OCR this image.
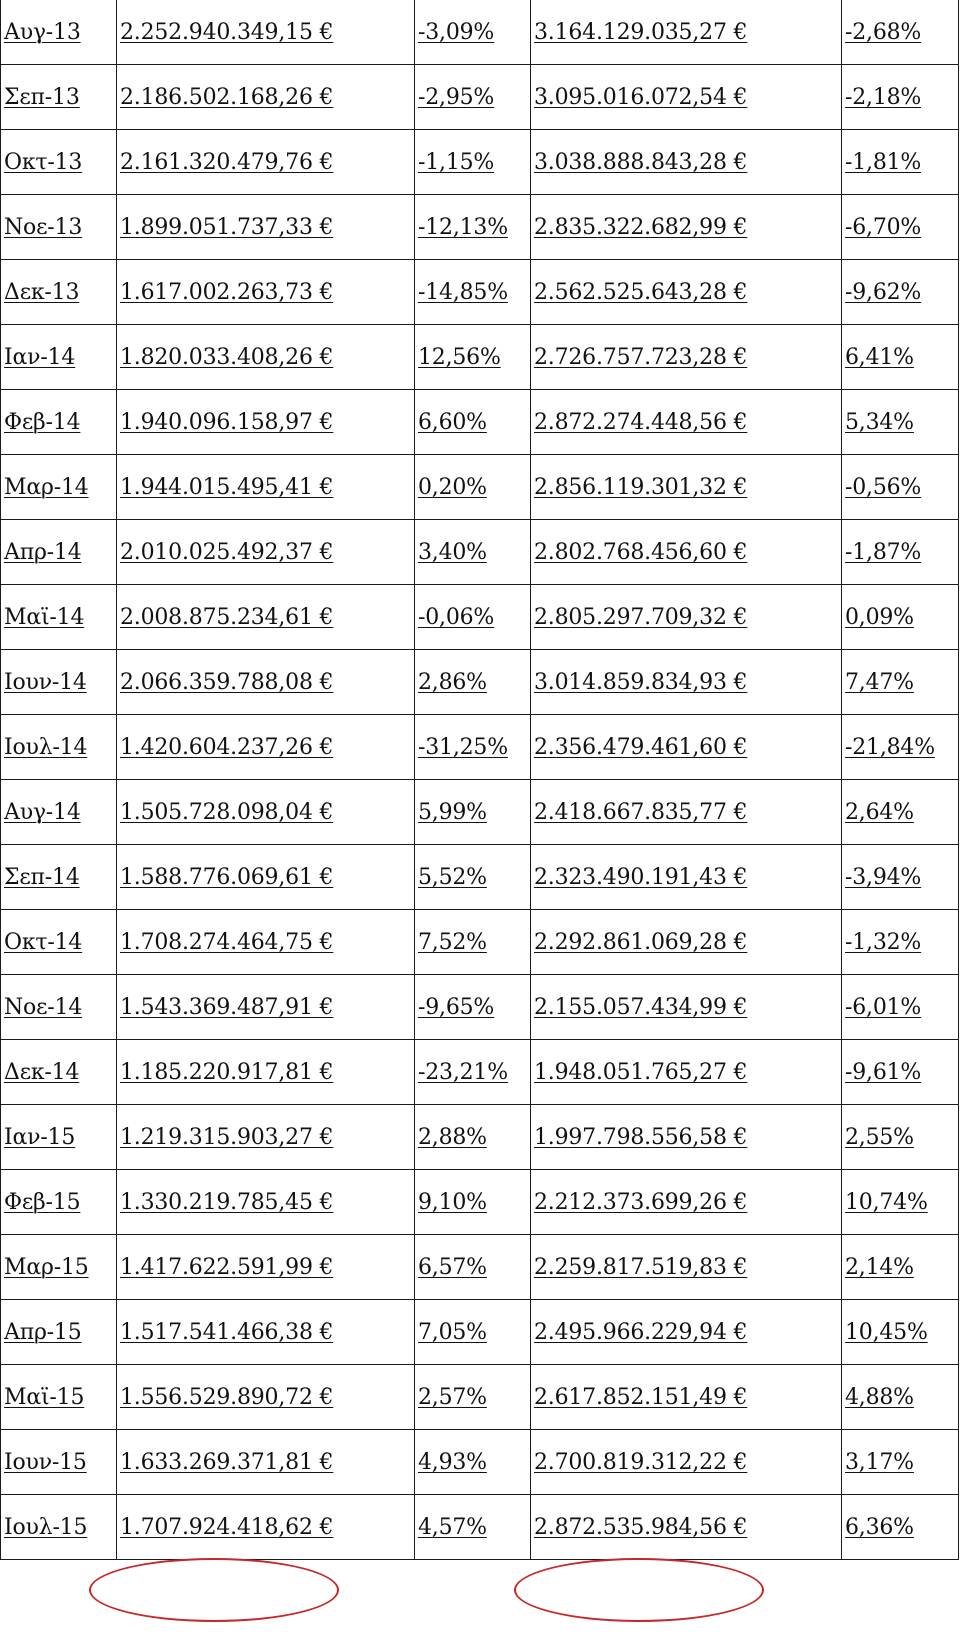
Αυγ-13	2.252.940.349,15 €	-3,09%	3.164.129.035,27 €	-2,68%
Σεπ-13	2.186.502.168,26 €	-2,95%	3.095.016.072,54 €	-2,18%
Οκτ-13	2.161.320.479,76 €	-1,15%	3.038.888.843,28 €	-1,81%
Νοε-13	1.899.051.737,33 €	-12,13%	2.835.322.682,99 €	-6,70%
Δεκ-13	1.617.002.263,73 €	-14,85%	2.562.525.643,28 €	-9,62%
Ιαν-14	1.820.033.408,26 €	12,56%	2.726.757.723,28 €	6,41%
Φεβ-14	1.940.096.158,97 €	6,60%	2.872.274.448,56 €	5,34%
Μαρ-14	1.944.015.495,41 €	0,20%	2.856.119.301,32 €	-0,56%
Απρ-14	2.010.025.492,37 €	3,40%	2.802.768.456,60 €	-1,87%
Μαϊ-14	2.008.875.234,61 €	-0,06%	2.805.297.709,32 €	0,09%
Ιουν-14	2.066.359.788,08 €	2,86%	3.014.859.834,93 €	7,47%
Ιουλ-14	1.420.604.237,26 €	-31,25%	2.356.479.461,60 €	-21,84%
Αυγ-14	1.505.728.098,04 €	5,99%	2.418.667.835,77 €	2,64%
Σεπ-14	1.588.776.069,61 €	5,52%	2.323.490.191,43 €	-3,94%
Οκτ-14	1.708.274.464,75 €	7,52%	2.292.861.069,28 €	-1,32%
Νοε-14	1.543.369.487,91 €	-9,65%	2.155.057.434,99 €	-6,01%
Δεκ-14	1.185.220.917,81 €	-23,21%	1.948.051.765,27 €	-9,61%
Ιαν-15	1.219.315.903,27 €	2,88%	1.997.798.556,58 €	2,55%
Φεβ-15	1.330.219.785,45 €	9,10%	2.212.373.699,26 €	10,74%
Μαρ-15	1.417.622.591,99 €	6,57%	2.259.817.519,83 €	2,14%
Απρ-15	1.517.541.466,38 €	7,05%	2.495.966.229,94 €	10,45%
Μαϊ-15	1.556.529.890,72 €	2,57%	2.617.852.151,49 €	4,88%
Ιουν-15	1.633.269.371,81 €	4,93%	2.700.819.312,22 €	3,17%
Ιουλ-15	1.707.924.418,62 €	4,57%	2.872.535.984,56 €	6,36%
